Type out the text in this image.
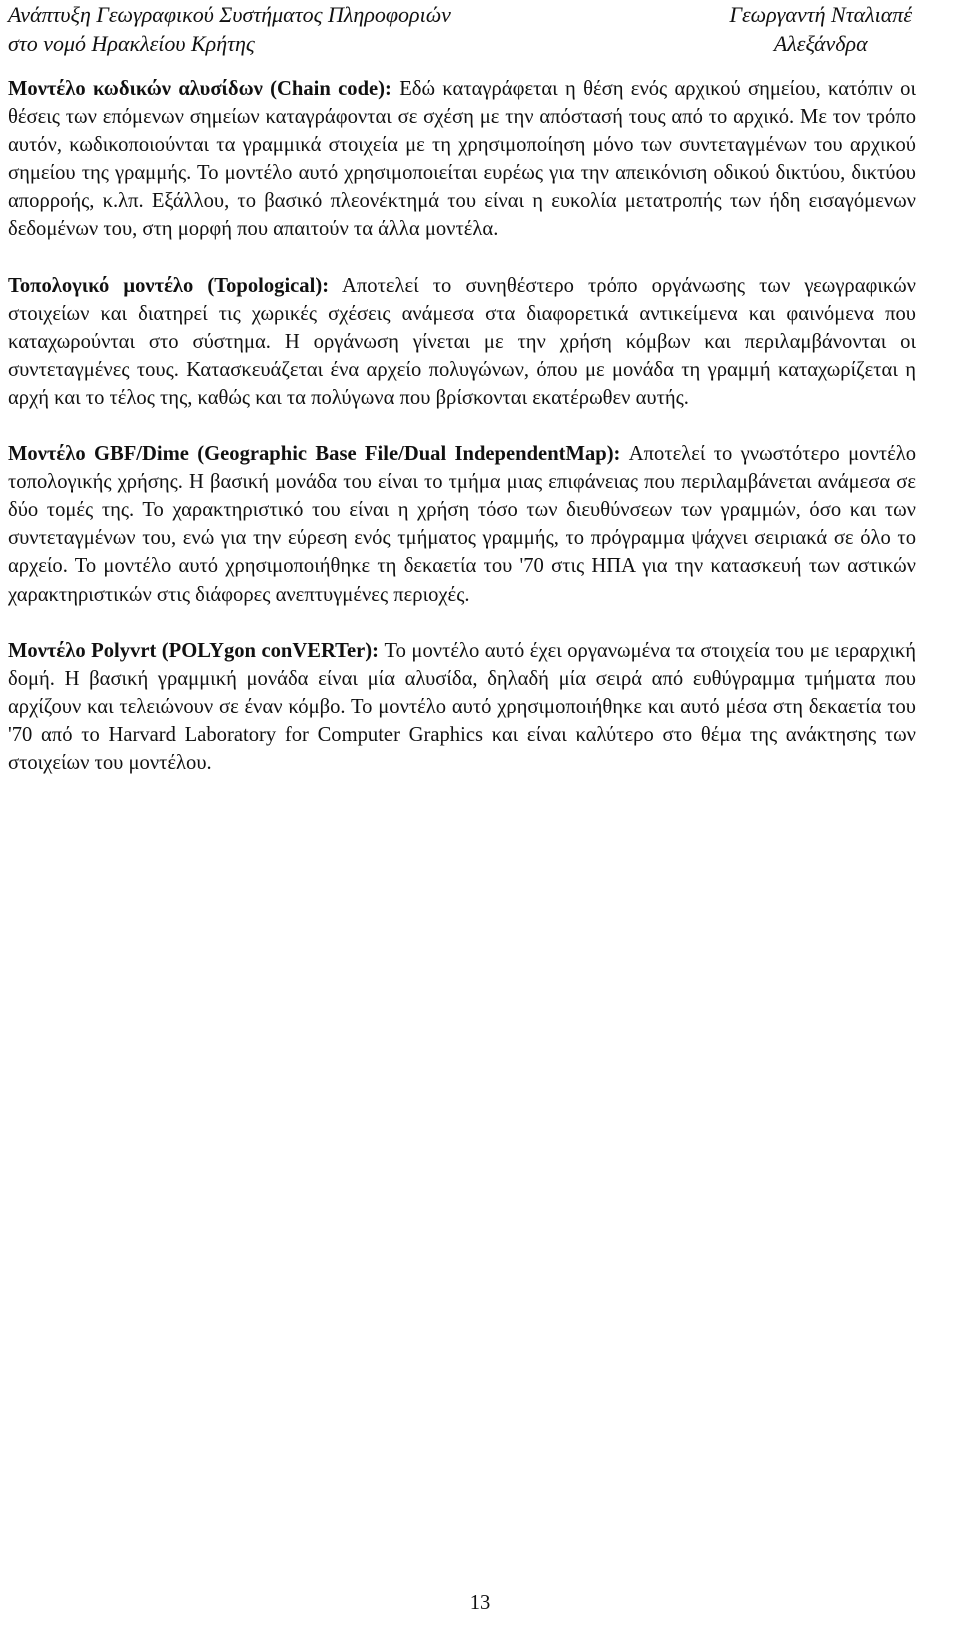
Ανάπτυξη Γεωγραφικού Συστήματος Πληροφοριών
στο νομό Ηρακλείου Κρήτης
Γεωργαντή Νταλιαπέ
Αλεξάνδρα

Μοντέλο κωδικών αλυσίδων (Chain code): Εδώ καταγράφεται η θέση ενός αρχικού σημείου, κατόπιν οι θέσεις των επόμενων σημείων καταγράφονται σε σχέση με την απόστασή τους από το αρχικό. Με τον τρόπο αυτόν, κωδικοποιούνται τα γραμμικά στοιχεία με τη χρησιμοποίηση μόνο των συντεταγμένων του αρχικού σημείου της γραμμής. Το μοντέλο αυτό χρησιμοποιείται ευρέως για την απεικόνιση οδικού δικτύου, δικτύου απορροής, κ.λπ. Εξάλλου, το βασικό πλεονέκτημά του είναι η ευκολία μετατροπής των ήδη εισαγόμενων δεδομένων του, στη μορφή που απαιτούν τα άλλα μοντέλα.

Τοπολογικό μοντέλο (Topological): Αποτελεί το συνηθέστερο τρόπο οργάνωσης των γεωγραφικών στοιχείων και διατηρεί τις χωρικές σχέσεις ανάμεσα στα διαφορετικά αντικείμενα και φαινόμενα που καταχωρούνται στο σύστημα. Η οργάνωση γίνεται με την χρήση κόμβων και περιλαμβάνονται οι συντεταγμένες τους. Κατασκευάζεται ένα αρχείο πολυγώνων, όπου με μονάδα τη γραμμή καταχωρίζεται η αρχή και το τέλος της, καθώς και τα πολύγωνα που βρίσκονται εκατέρωθεν αυτής.

Μοντέλο GBF/Dime (Geographic Base File/Dual IndependentMap): Αποτελεί το γνωστότερο μοντέλο τοπολογικής χρήσης. Η βασική μονάδα του είναι το τμήμα μιας επιφάνειας που περιλαμβάνεται ανάμεσα σε δύο τομές της. Το χαρακτηριστικό του είναι η χρήση τόσο των διευθύνσεων των γραμμών, όσο και των συντεταγμένων του, ενώ για την εύρεση ενός τμήματος γραμμής, το πρόγραμμα ψάχνει σειριακά σε όλο το αρχείο. Το μοντέλο αυτό χρησιμοποιήθηκε τη δεκαετία του '70 στις ΗΠΑ για την κατασκευή των αστικών χαρακτηριστικών στις διάφορες ανεπτυγμένες περιοχές.

Μοντέλο Polyvrt (POLYgon conVERTer): Το μοντέλο αυτό έχει οργανωμένα τα στοιχεία του με ιεραρχική δομή. Η βασική γραμμική μονάδα είναι μία αλυσίδα, δηλαδή μία σειρά από ευθύγραμμα τμήματα που αρχίζουν και τελειώνουν σε έναν κόμβο. Το μοντέλο αυτό χρησιμοποιήθηκε και αυτό μέσα στη δεκαετία του '70 από το Harvard Laboratory for Computer Graphics και είναι καλύτερο στο θέμα της ανάκτησης των στοιχείων του μοντέλου.

13
